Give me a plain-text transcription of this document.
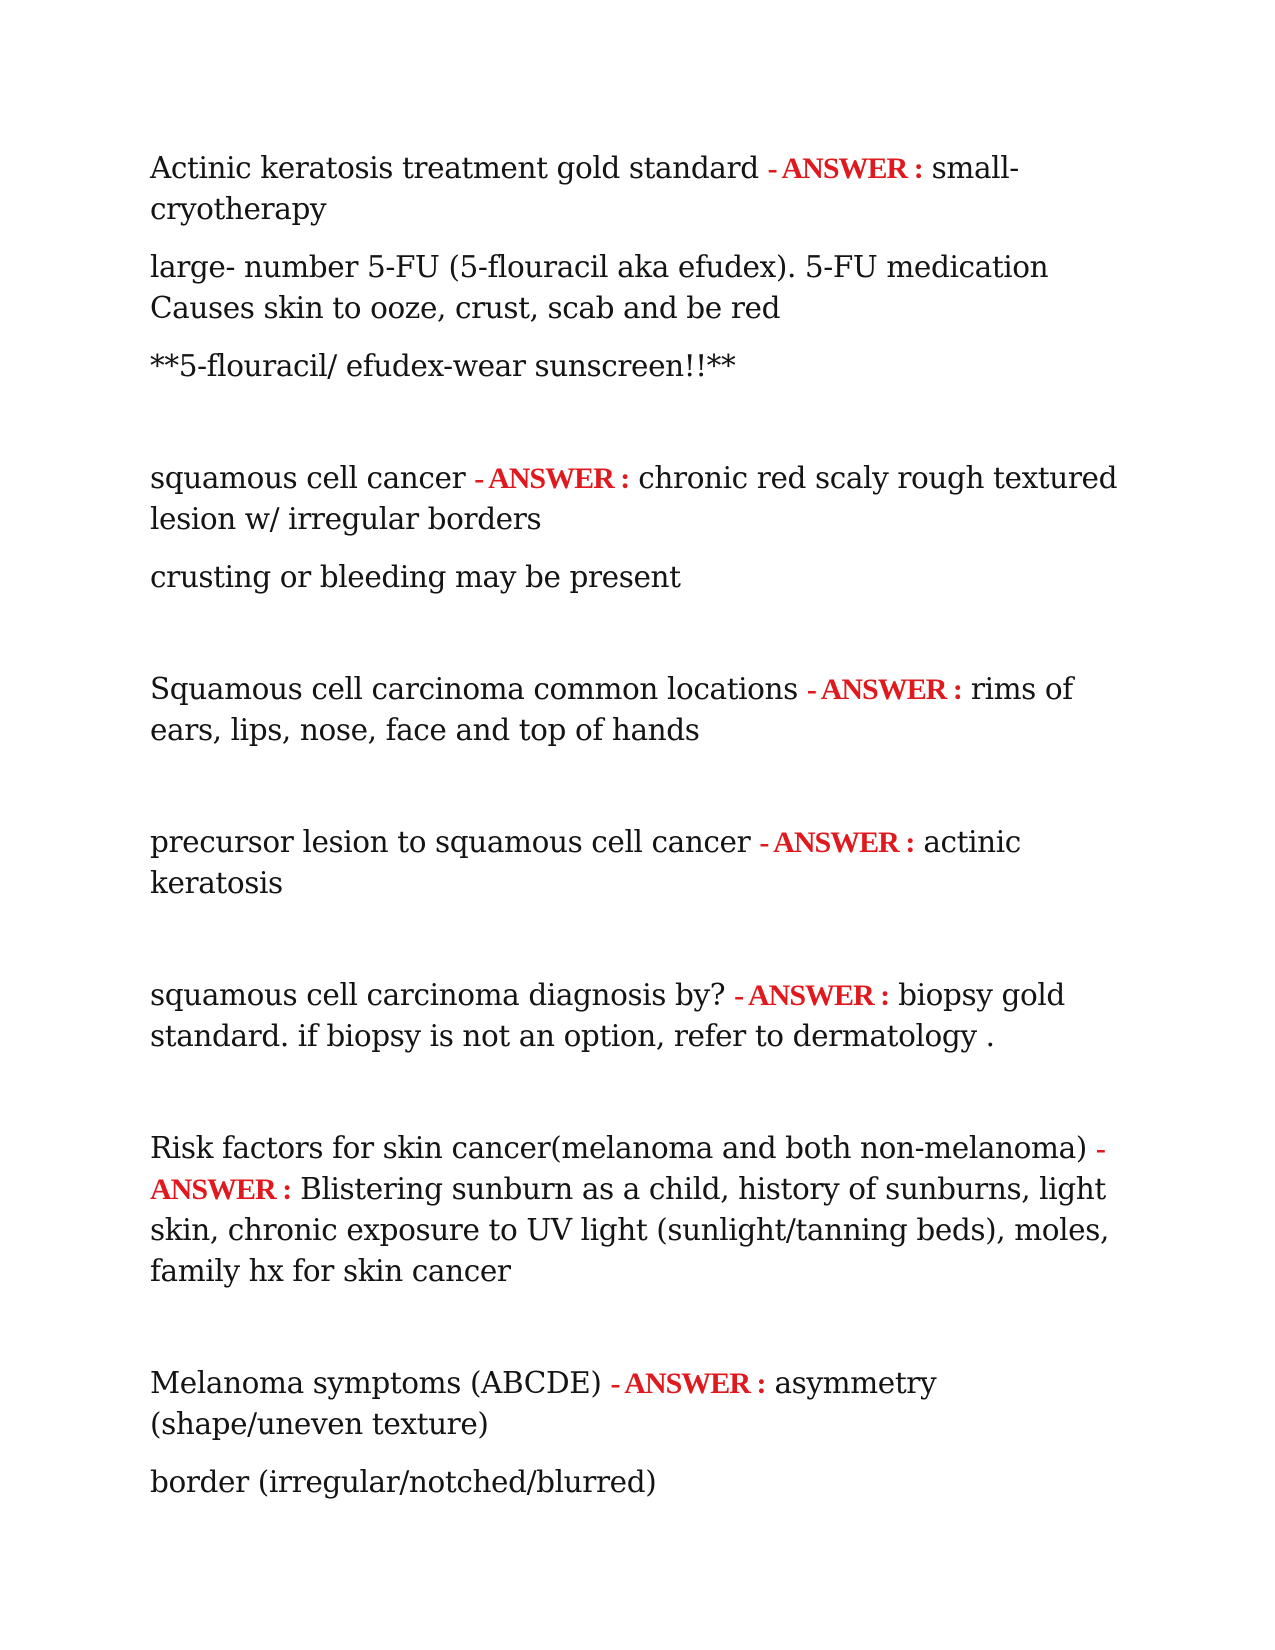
Actinic keratosis treatment gold standard - ANSWER : small-cryotherapy

large- number 5-FU (5-flouracil aka efudex). 5-FU medication Causes skin to ooze, crust, scab and be red

**5-flouracil/ efudex-wear sunscreen!!**

squamous cell cancer - ANSWER : chronic red scaly rough textured lesion w/ irregular borders

crusting or bleeding may be present

Squamous cell carcinoma common locations - ANSWER : rims of ears, lips, nose, face and top of hands

precursor lesion to squamous cell cancer - ANSWER : actinic keratosis

squamous cell carcinoma diagnosis by? - ANSWER : biopsy gold standard. if biopsy is not an option, refer to dermatology .

Risk factors for skin cancer(melanoma and both non-melanoma) - ANSWER : Blistering sunburn as a child, history of sunburns, light skin, chronic exposure to UV light (sunlight/tanning beds), moles, family hx for skin cancer

Melanoma symptoms (ABCDE) - ANSWER : asymmetry (shape/uneven texture)

border (irregular/notched/blurred)
